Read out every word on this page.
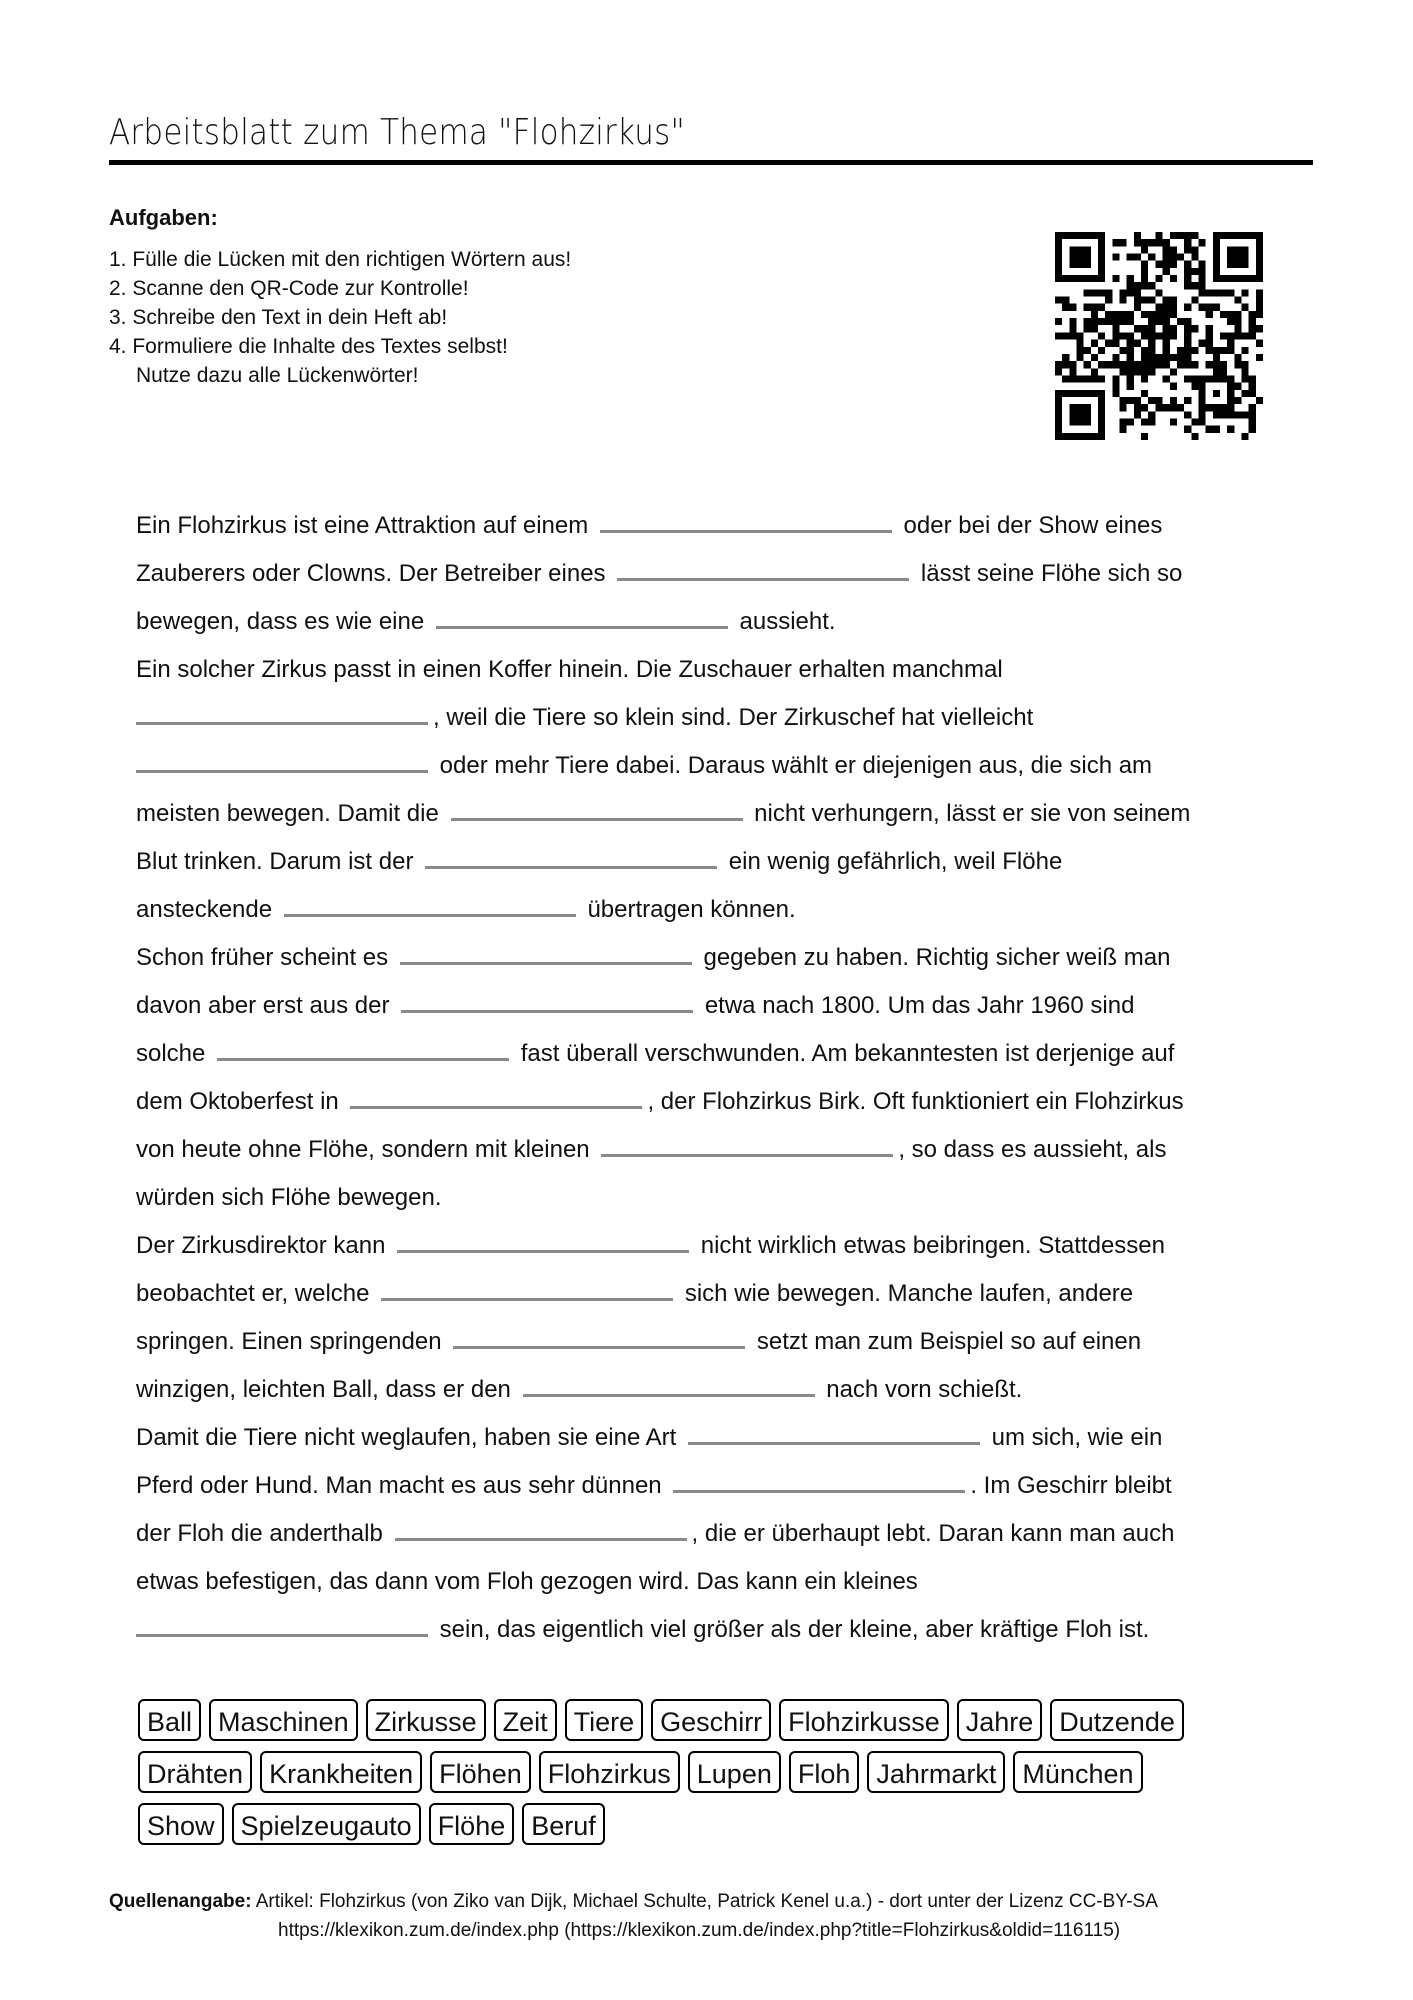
Arbeitsblatt zum Thema "Flohzirkus"
Aufgaben:
1. Fülle die Lücken mit den richtigen Wörtern aus!
2. Scanne den QR-Code zur Kontrolle!
3. Schreibe den Text in dein Heft ab!
4. Formuliere die Inhalte des Textes selbst!
Nutze dazu alle Lückenwörter!
Ein Flohzirkus ist eine Attraktion auf einem	oder bei der Show eines
Zauberers oder Clowns. Der Betreiber eines	lässt seine Flöhe sich so
bewegen, dass es wie eine	aussieht.
Ein solcher Zirkus passt in einen Koffer hinein. Die Zuschauer erhalten manchmal
, weil die Tiere so klein sind. Der Zirkuschef hat vielleicht
oder mehr Tiere dabei. Daraus wählt er diejenigen aus, die sich am
meisten bewegen. Damit die	nicht verhungern, lässt er sie von seinem
Blut trinken. Darum ist der	ein wenig gefährlich, weil Flöhe
ansteckende	übertragen können.
Schon früher scheint es	gegeben zu haben. Richtig sicher weiß man
davon aber erst aus der	etwa nach 1800. Um das Jahr 1960 sind
solche	fast überall verschwunden. Am bekanntesten ist derjenige auf
dem Oktoberfest in	, der Flohzirkus Birk. Oft funktioniert ein Flohzirkus
von heute ohne Flöhe, sondern mit kleinen	, so dass es aussieht, als
würden sich Flöhe bewegen.
Der Zirkusdirektor kann	nicht wirklich etwas beibringen. Stattdessen
beobachtet er, welche	sich wie bewegen. Manche laufen, andere
springen. Einen springenden	setzt man zum Beispiel so auf einen
winzigen, leichten Ball, dass er den	nach vorn schießt.
Damit die Tiere nicht weglaufen, haben sie eine Art	um sich, wie ein
Pferd oder Hund. Man macht es aus sehr dünnen	. Im Geschirr bleibt
der Floh die anderthalb	, die er überhaupt lebt. Daran kann man auch
etwas befestigen, das dann vom Floh gezogen wird. Das kann ein kleines
sein, das eigentlich viel größer als der kleine, aber kräftige Floh ist.
Ball Maschinen Zirkusse Zeit Tiere Geschirr Flohzirkusse Jahre Dutzende
Drähten Krankheiten Flöhen Flohzirkus Lupen Floh Jahrmarkt München
Show Spielzeugauto Flöhe Beruf
Quellenangabe: Artikel: Flohzirkus (von Ziko van Dijk, Michael Schulte, Patrick Kenel u.a.) - dort unter der Lizenz CC-BY-SA
https://klexikon.zum.de/index.php (https://klexikon.zum.de/index.php?title=Flohzirkus&oldid=116115)
